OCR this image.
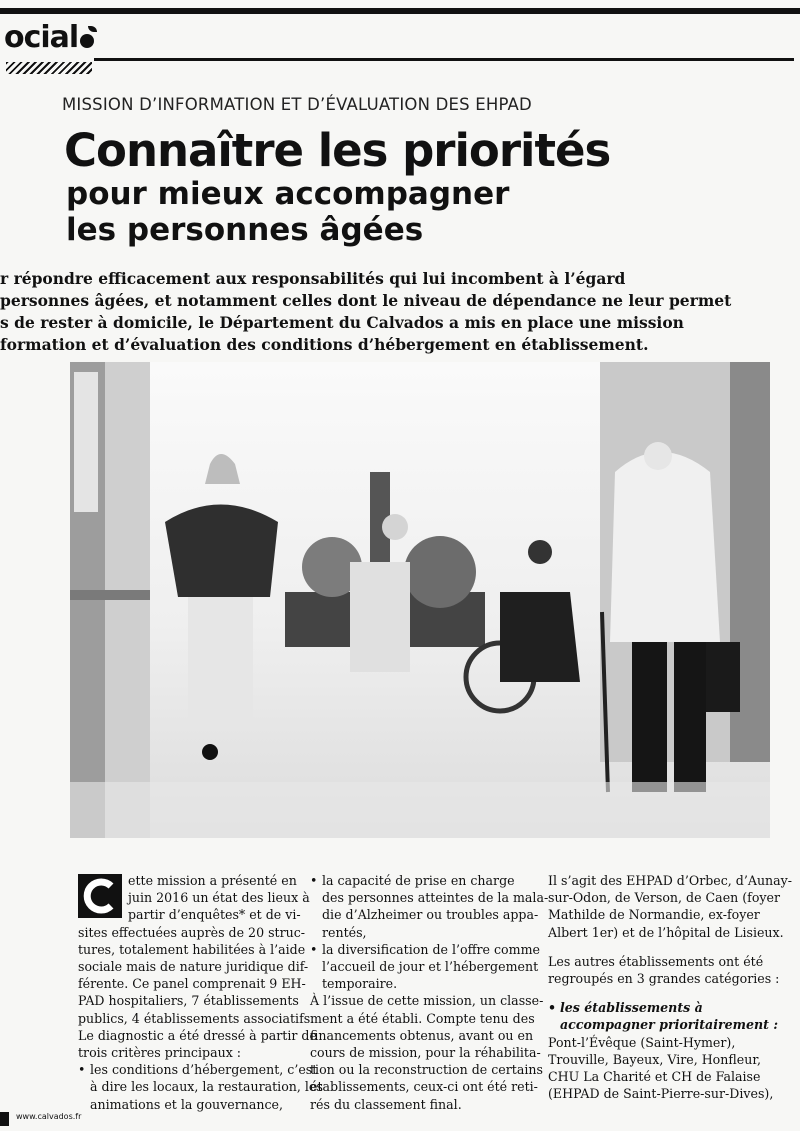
ocial
MISSION D’INFORMATION ET D’ÉVALUATION DES EHPAD
Connaître les priorités
pour mieux accompagner
les personnes âgées
r répondre efficacement aux responsabilités qui lui incombent à l’égard
personnes âgées, et notamment celles dont le niveau de dépendance ne leur permet
s de rester à domicile, le Département du Calvados a mis en place une mission
formation et d’évaluation des conditions d’hébergement en établissement.
ette mission a présenté en
juin 2016 un état des lieux à
partir d’enquêtes* et de vi-
sites effectuées auprès de 20 struc-
tures, totalement habilitées à l’aide
sociale mais de nature juridique dif-
férente. Ce panel comprenait 9 EH-
PAD hospitaliers, 7 établissements
publics, 4 établissements associatifs.
Le diagnostic a été dressé à partir de
trois critères principaux :
• les conditions d’hébergement, c’est
à dire les locaux, la restauration, les
animations et la gouvernance,
• la capacité de prise en charge
des personnes atteintes de la mala-
die d’Alzheimer ou troubles appa-
rentés,
• la diversification de l’offre comme
l’accueil de jour et l’hébergement
temporaire.
À l’issue de cette mission, un classe-
ment a été établi. Compte tenu des
financements obtenus, avant ou en
cours de mission, pour la réhabilita-
tion ou la reconstruction de certains
établissements, ceux-ci ont été reti-
rés du classement final.
Il s’agit des EHPAD d’Orbec, d’Aunay-
sur-Odon, de Verson, de Caen (foyer
Mathilde de Normandie, ex-foyer
Albert 1er) et de l’hôpital de Lisieux.
Les autres établissements ont été
regroupés en 3 grandes catégories :
• les établissements à
accompagner prioritairement :
Pont-l’Évêque (Saint-Hymer),
Trouville, Bayeux, Vire, Honfleur,
CHU La Charité et CH de Falaise
(EHPAD de Saint-Pierre-sur-Dives),
www.calvados.fr
